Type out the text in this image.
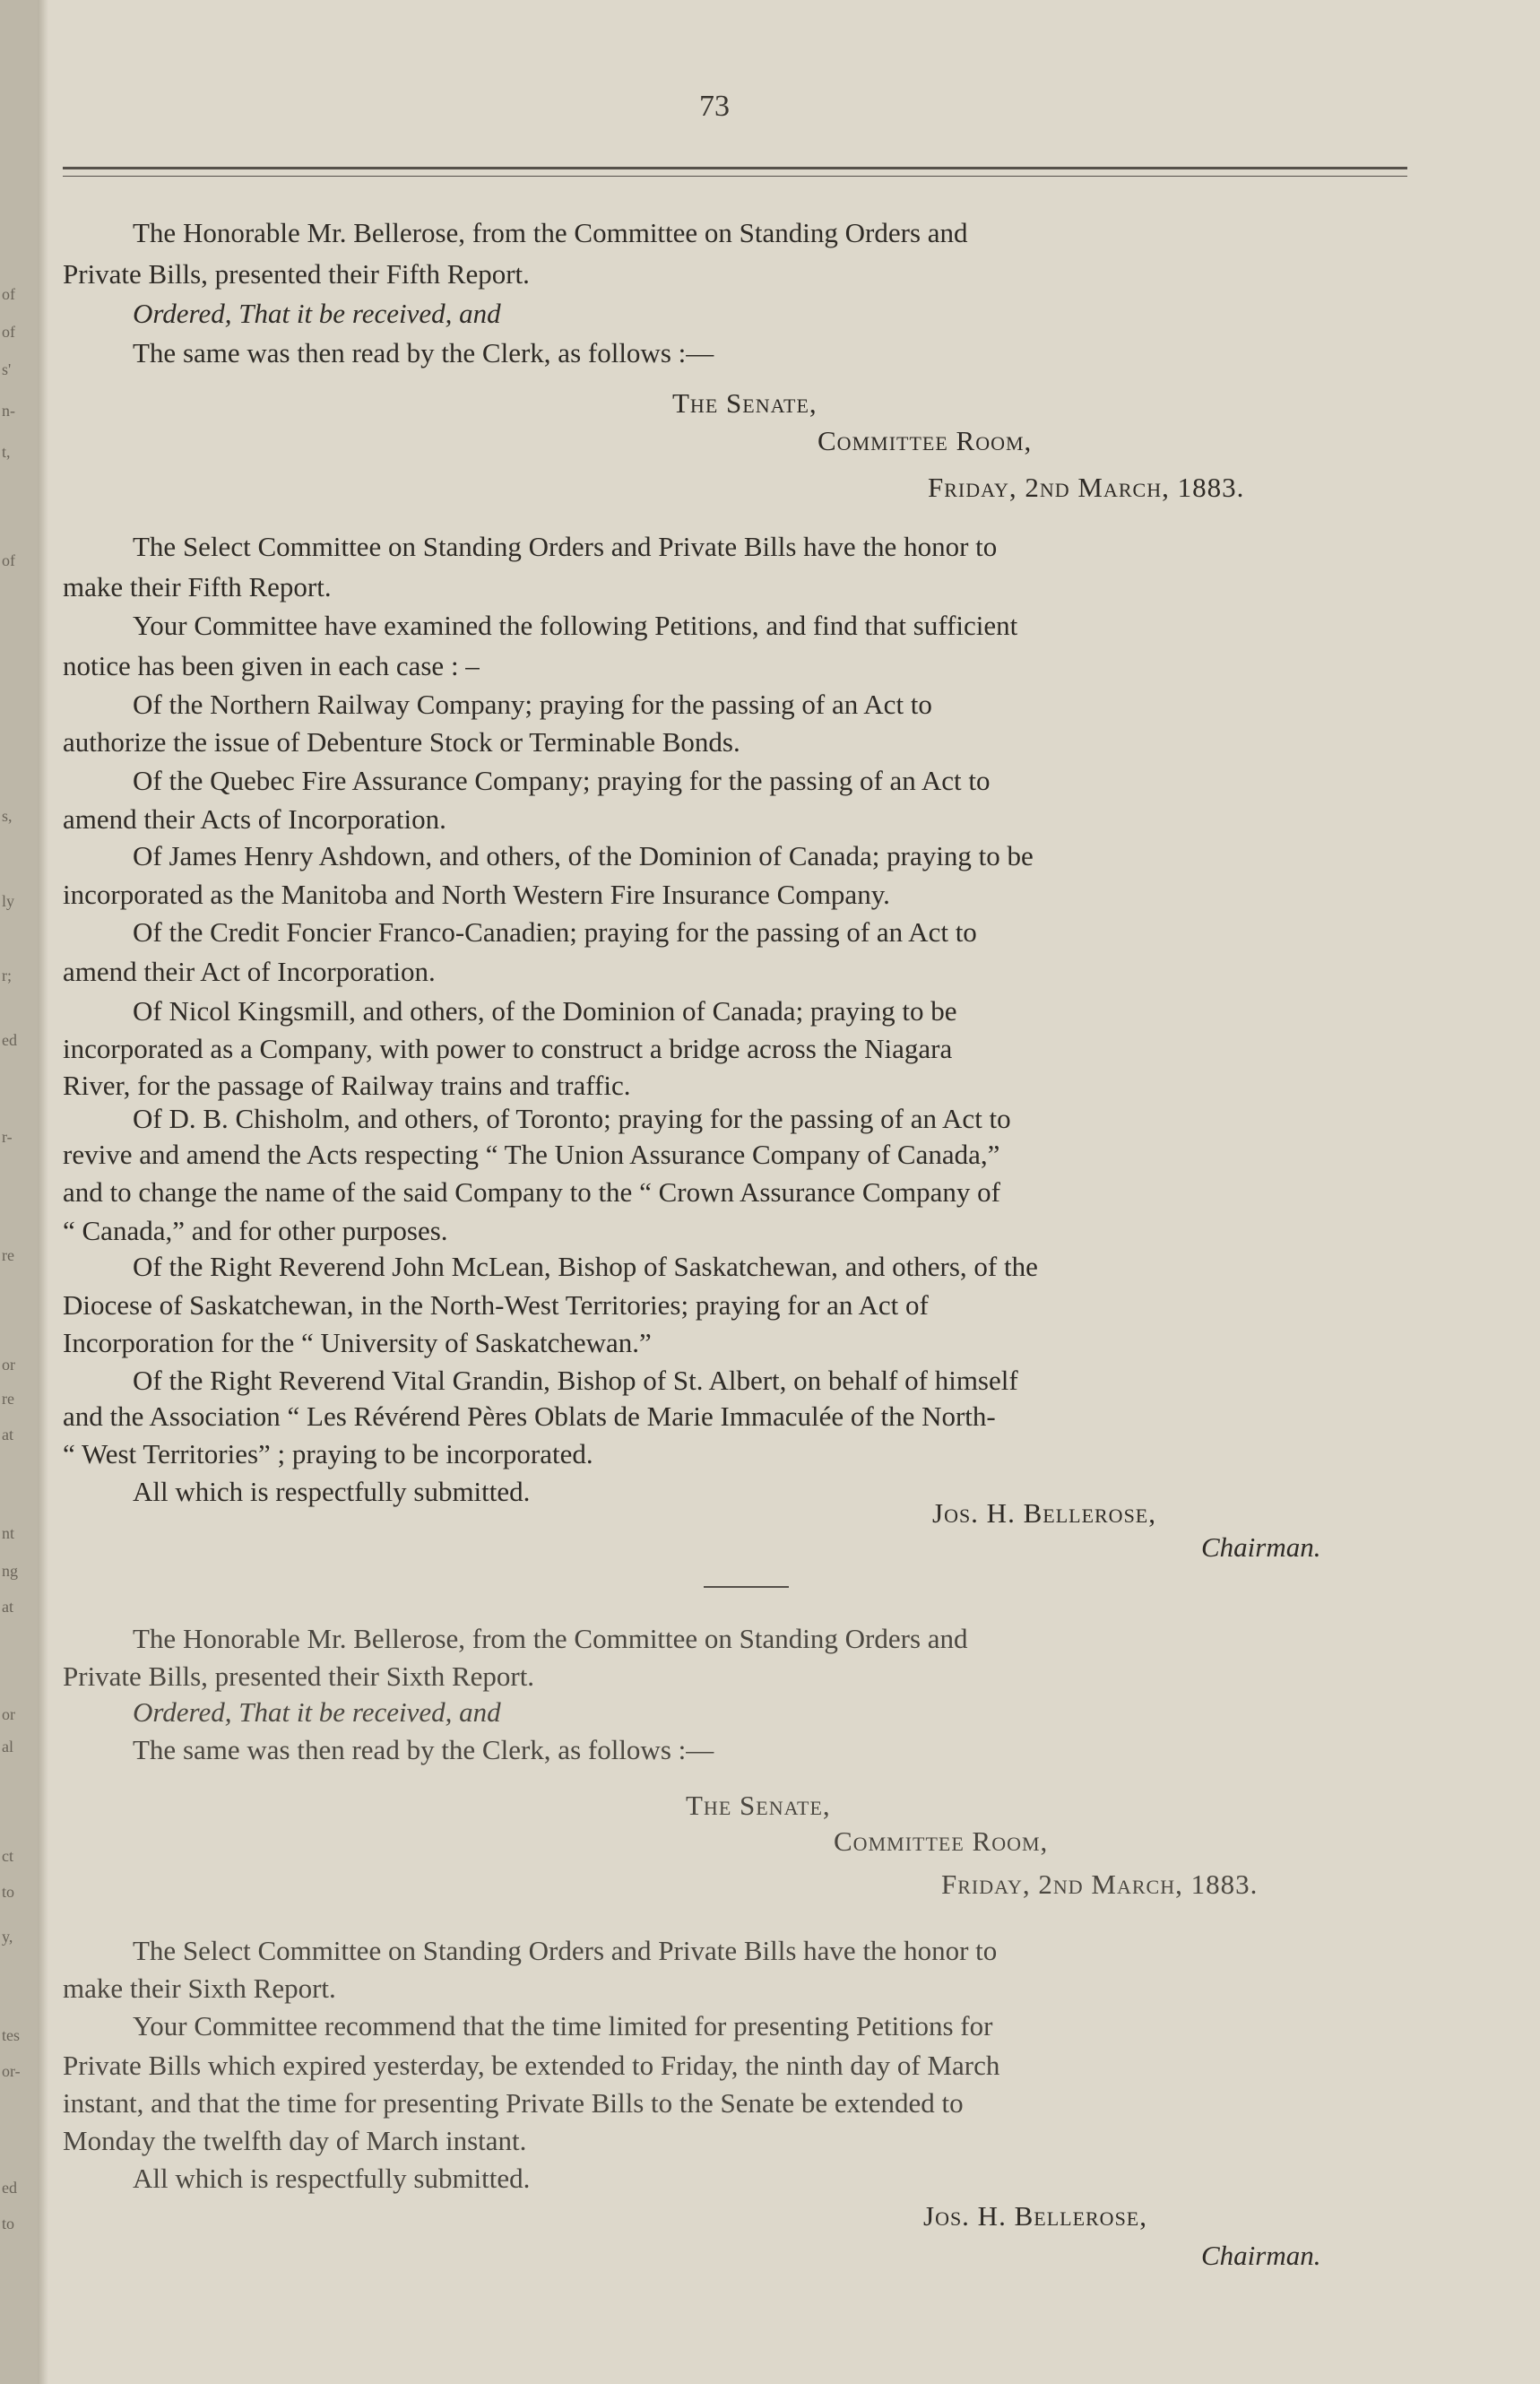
of
of
s'
n-
t,
of
s,
ly
r;
ed
r-
re
or
re
at
nt
ng
at
or
al
ct
to
y,
tes
or-
ed
to
73
The Honorable Mr. Bellerose, from the Committee on Standing Orders and
Private Bills, presented their Fifth Report.
Ordered, That it be received, and
The same was then read by the Clerk, as follows :—
The Senate,
Committee Room,
Friday, 2nd March, 1883.
The Select Committee on Standing Orders and Private Bills have the honor to
make their Fifth Report.
Your Committee have examined the following Petitions, and find that sufficient
notice has been given in each case : –
Of the Northern Railway Company; praying for the passing of an Act to
authorize the issue of Debenture Stock or Terminable Bonds.
Of the Quebec Fire Assurance Company; praying for the passing of an Act to
amend their Acts of Incorporation.
Of James Henry Ashdown, and others, of the Dominion of Canada; praying to be
incorporated as the Manitoba and North Western Fire Insurance Company.
Of the Credit Foncier Franco-Canadien; praying for the passing of an Act to
amend their Act of Incorporation.
Of Nicol Kingsmill, and others, of the Dominion of Canada; praying to be
incorporated as a Company, with power to construct a bridge across the Niagara
River, for the passage of Railway trains and traffic.
Of D. B. Chisholm, and others, of Toronto; praying for the passing of an Act to
revive and amend the Acts respecting “ The Union Assurance Company of Canada,”
and to change the name of the said Company to the “ Crown Assurance Company of
“ Canada,” and for other purposes.
Of the Right Reverend John McLean, Bishop of Saskatchewan, and others, of the
Diocese of Saskatchewan, in the North-West Territories; praying for an Act of
Incorporation for the “ University of Saskatchewan.”
Of the Right Reverend Vital Grandin, Bishop of St. Albert, on behalf of himself
and the Association “ Les Révérend Pères Oblats de Marie Immaculée of the North-
“ West Territories” ; praying to be incorporated.
All which is respectfully submitted.
Jos. H. Bellerose,
Chairman.
The Honorable Mr. Bellerose, from the Committee on Standing Orders and
Private Bills, presented their Sixth Report.
Ordered, That it be received, and
The same was then read by the Clerk, as follows :—
The Senate,
Committee Room,
Friday, 2nd March, 1883.
The Select Committee on Standing Orders and Private Bills have the honor to
make their Sixth Report.
Your Committee recommend that the time limited for presenting Petitions for
Private Bills which expired yesterday, be extended to Friday, the ninth day of March
instant, and that the time for presenting Private Bills to the Senate be extended to
Monday the twelfth day of March instant.
All which is respectfully submitted.
Jos. H. Bellerose,
Chairman.
